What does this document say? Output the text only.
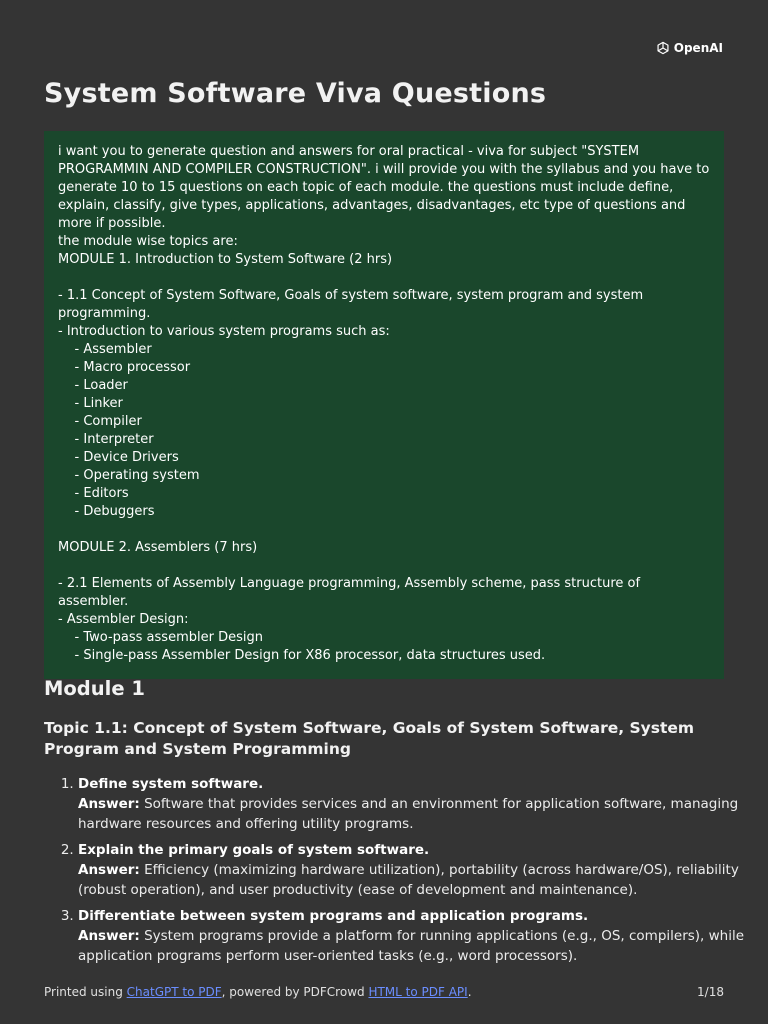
OpenAI
System Software Viva Questions
i want you to generate question and answers for oral practical - viva for subject "SYSTEM PROGRAMMIN AND COMPILER CONSTRUCTION". i will provide you with the syllabus and you have to generate 10 to 15 questions on each topic of each module. the questions must include define, explain, classify, give types, applications, advantages, disadvantages, etc type of questions and more if possible.
the module wise topics are:
MODULE 1. Introduction to System Software (2 hrs)

- 1.1 Concept of System Software, Goals of system software, system program and system programming.
- Introduction to various system programs such as:
- Assembler
- Macro processor
- Loader
- Linker
- Compiler
- Interpreter
- Device Drivers
- Operating system
- Editors
- Debuggers

MODULE 2. Assemblers (7 hrs)

- 2.1 Elements of Assembly Language programming, Assembly scheme, pass structure of assembler.
- Assembler Design:
- Two-pass assembler Design
- Single-pass Assembler Design for X86 processor, data structures used.
Module 1
Topic 1.1: Concept of System Software, Goals of System Software, System Program and System Programming
1. Define system software.
Answer: Software that provides services and an environment for application software, managing hardware resources and offering utility programs.
2. Explain the primary goals of system software.
Answer: Efficiency (maximizing hardware utilization), portability (across hardware/OS), reliability (robust operation), and user productivity (ease of development and maintenance).
3. Differentiate between system programs and application programs.
Answer: System programs provide a platform for running applications (e.g., OS, compilers), while application programs perform user-oriented tasks (e.g., word processors).
Printed using ChatGPT to PDF, powered by PDFCrowd HTML to PDF API.	1/18
